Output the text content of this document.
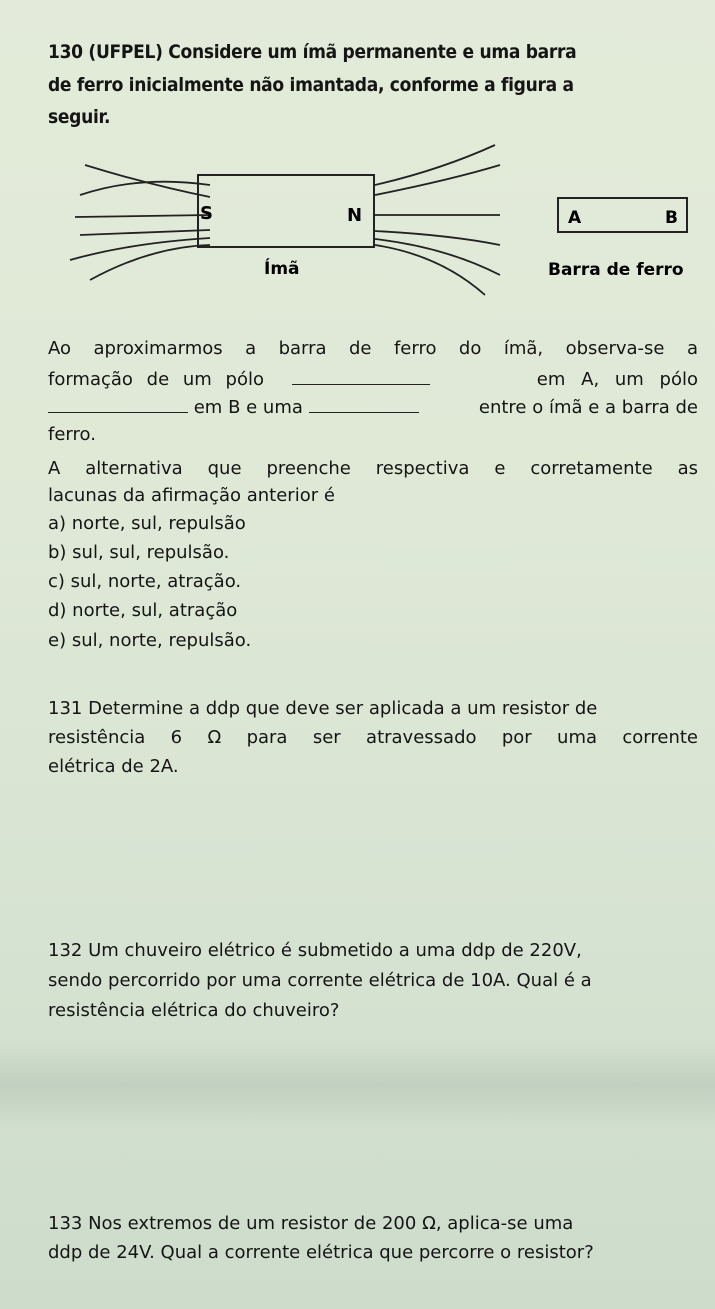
130 (UFPEL) Considere um ímã permanente e uma barra
de ferro inicialmente não imantada, conforme a figura a
seguir.
S	N
Ímã
A	B
Barra de ferro
Ao aproximarmos a barra de ferro do ímã, observa-se a
formação de um pólo	em A, um pólo
em B e uma	entre o ímã e a barra de
ferro.
A alternativa que preenche respectiva e corretamente as
lacunas da afirmação anterior é
a) norte, sul, repulsão
b) sul, sul, repulsão.
c) sul, norte, atração.
d) norte, sul, atração
e) sul, norte, repulsão.
131 Determine a ddp que deve ser aplicada a um resistor de
resistência 6 Ω para ser atravessado por uma corrente
elétrica de 2A.
132 Um chuveiro elétrico é submetido a uma ddp de 220V,
sendo percorrido por uma corrente elétrica de 10A. Qual é a
resistência elétrica do chuveiro?
133 Nos extremos de um resistor de 200 Ω, aplica-se uma
ddp de 24V. Qual a corrente elétrica que percorre o resistor?
